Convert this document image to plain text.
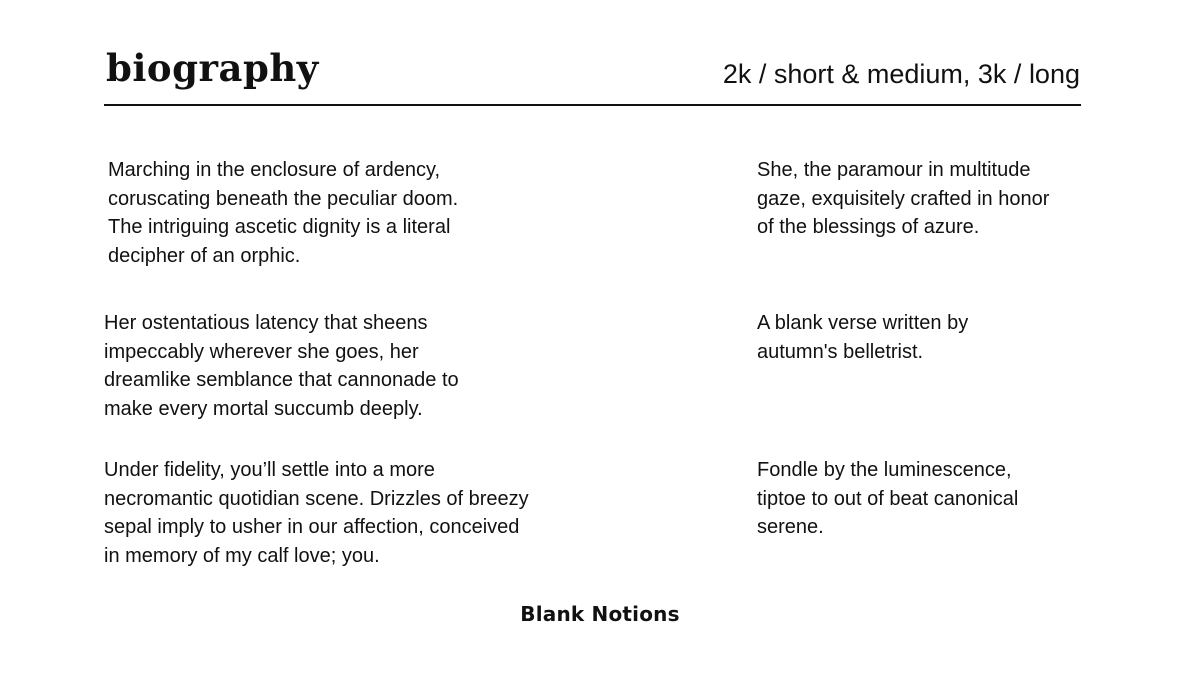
biography	2k / short & medium, 3k / long

Marching in the enclosure of ardency,
coruscating beneath the peculiar doom.
The intriguing ascetic dignity is a literal
decipher of an orphic.

Her ostentatious latency that sheens
impeccably wherever she goes, her
dreamlike semblance that cannonade to
make every mortal succumb deeply.

Under fidelity, you’ll settle into a more
necromantic quotidian scene. Drizzles of breezy
sepal imply to usher in our affection, conceived
in memory of my calf love; you.

She, the paramour in multitude
gaze, exquisitely crafted in honor
of the blessings of azure.

A blank verse written by
autumn's belletrist.

Fondle by the luminescence,
tiptoe to out of beat canonical
serene.

Blank Notions
